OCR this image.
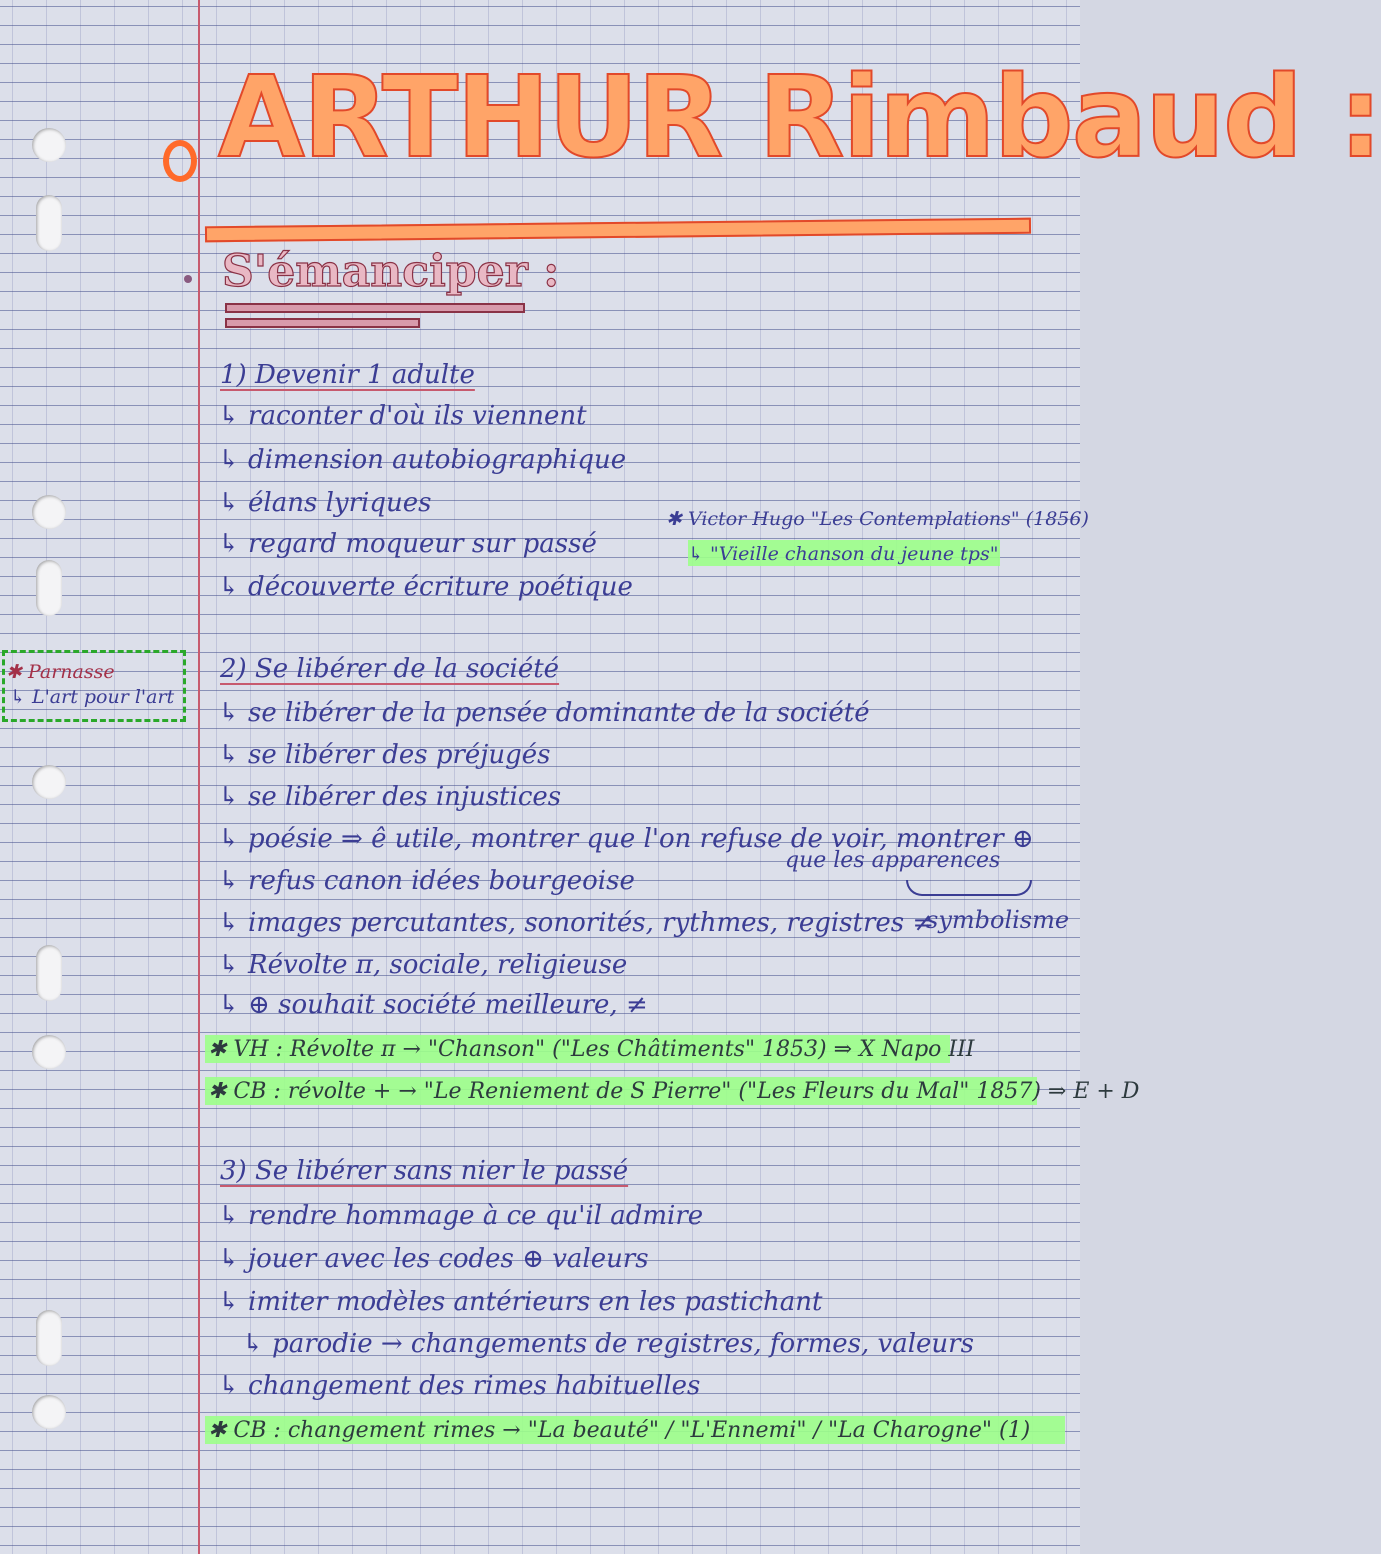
ARTHUR Rimbaud :
S'émanciper :
1) Devenir 1 adulte
↳ raconter d'où ils viennent
↳ dimension autobiographique
↳ élans lyriques
↳ regard moqueur sur passé
↳ découverte écriture poétique
✱ Victor Hugo "Les Contemplations" (1856)
↳ "Vieille chanson du jeune tps"
✱ Parnasse
↳ L'art pour l'art
2) Se libérer de la société
↳ se libérer de la pensée dominante de la société
↳ se libérer des préjugés
↳ se libérer des injustices
↳ poésie ⇒ ê utile, montrer que l'on refuse de voir, montrer ⊕
que les apparences
↳ refus canon idées bourgeoise
symbolisme
↳ images percutantes, sonorités, rythmes, registres ≠
↳ Révolte π, sociale, religieuse
↳ ⊕ souhait société meilleure, ≠
✱ VH : Révolte π → "Chanson" ("Les Châtiments" 1853) ⇒ X Napo III
✱ CB : révolte + → "Le Reniement de S Pierre" ("Les Fleurs du Mal" 1857) ⇒ E + D
3) Se libérer sans nier le passé
↳ rendre hommage à ce qu'il admire
↳ jouer avec les codes ⊕ valeurs
↳ imiter modèles antérieurs en les pastichant
↳ parodie → changements de registres, formes, valeurs
↳ changement des rimes habituelles
✱ CB : changement rimes → "La beauté" / "L'Ennemi" / "La Charogne" (1)
